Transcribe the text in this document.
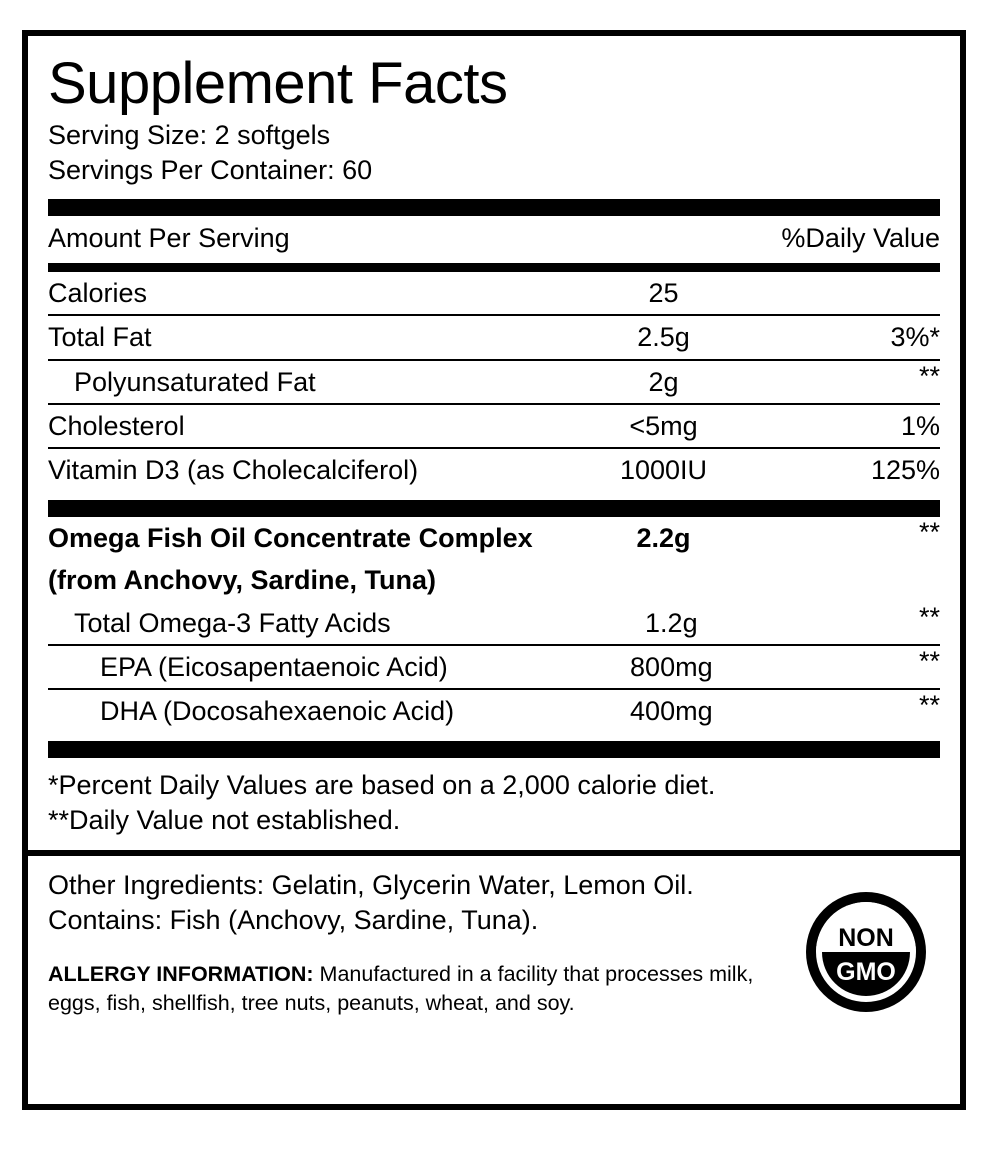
Supplement Facts
Serving Size: 2 softgels
Servings Per Container: 60
Amount Per Serving		%Daily Value
Calories	25	
Total Fat	2.5g	3%*
Polyunsaturated Fat	2g	**
Cholesterol	<5mg	1%
Vitamin D3 (as Cholecalciferol)	1000IU	125%
Omega Fish Oil Concentrate Complex	2.2g	**
(from Anchovy, Sardine, Tuna)
Total Omega-3 Fatty Acids	1.2g	**
EPA (Eicosapentaenoic Acid)	800mg	**
DHA (Docosahexaenoic Acid)	400mg	**
*Percent Daily Values are based on a 2,000 calorie diet.
**Daily Value not established.
Other Ingredients: Gelatin, Glycerin Water, Lemon Oil.
Contains: Fish (Anchovy, Sardine, Tuna).
ALLERGY INFORMATION: Manufactured in a facility that processes milk, eggs, fish, shellfish, tree nuts, peanuts, wheat, and soy.
NON
GMO
